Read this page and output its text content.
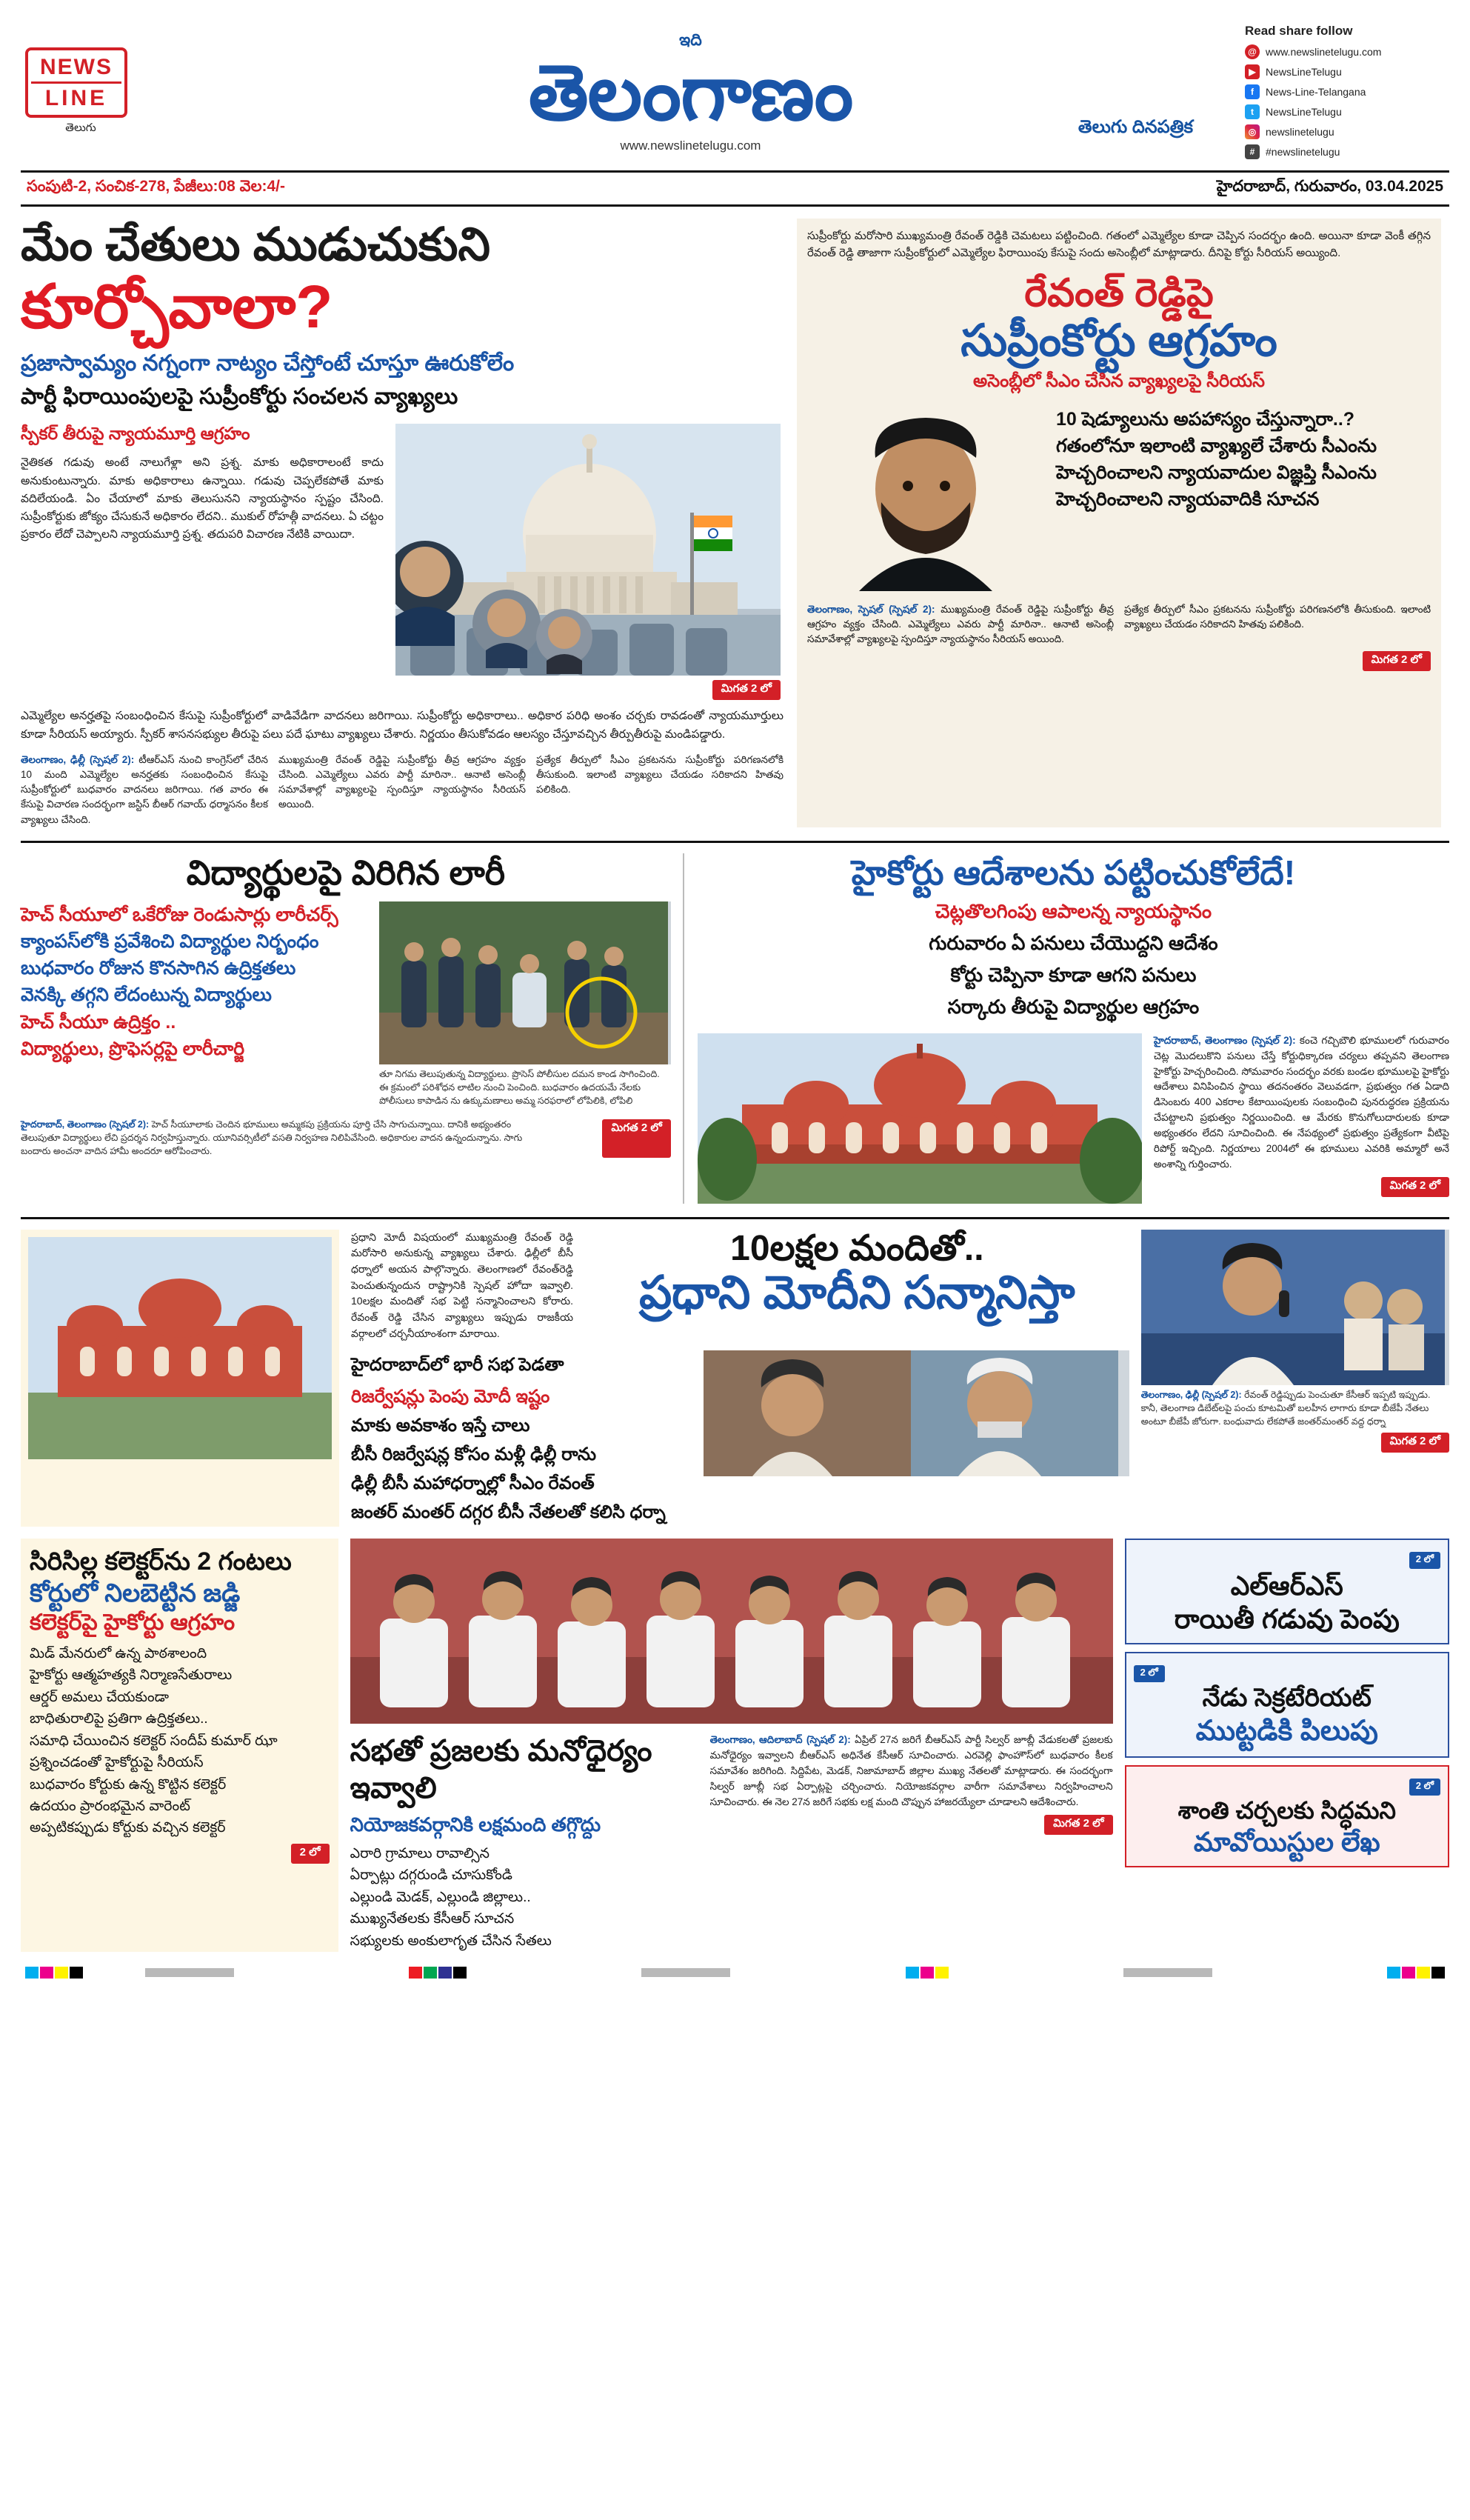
NEWS
LINE
తెలుగు
ఇది
తెలంగాణం
www.newslinetelugu.com
తెలుగు దినపత్రిక
Read share follow
@ www.newslinetelugu.com
▶ NewsLineTelugu
f	News-Line-Telangana
t	NewsLineTelugu
◎ newslinetelugu
#	#newslinetelugu
సంపుటి-2, సంచిక-278, పేజీలు:08 వెల:4/-	హైదరాబాద్, గురువారం, 03.04.2025
మేం చేతులు ముడుచుకుని
కూర్చోవాలా?
ప్రజాస్వామ్యం నగ్నంగా నాట్యం చేస్తోంటే చూస్తూ ఊరుకోలేం
పార్టీ ఫిరాయింపులపై సుప్రీంకోర్టు సంచలన వ్యాఖ్యలు
స్పీకర్ తీరుపై న్యాయమూర్తి ఆగ్రహం
నైతికత గడువు అంటే నాలుగేళ్లా అని ప్రశ్న. మాకు అధికారాలంటే కాదు అనుకుంటున్నారు. మాకు అధికారాలు ఉన్నాయి. గడువు చెప్పలేకపోతే మాకు వదిలేయండి. ఏం చేయాలో మాకు తెలుసునని న్యాయస్థానం స్పష్టం చేసింది. సుప్రీంకోర్టుకు జోక్యం చేసుకునే అధికారం లేదని.. ముకుల్ రోహత్గీ వాదనలు. ఏ చట్టం ప్రకారం లేదో చెప్పాలని న్యాయమూర్తి ప్రశ్న. తదుపరి విచారణ నేటికి వాయిదా.
మిగత 2 లో
ఎమ్మెల్యేల అనర్హతపై సంబంధించిన కేసుపై సుప్రీంకోర్టులో వాడివేడిగా వాదనలు జరిగాయి. సుప్రీంకోర్టు అధికారాలు.. అధికార పరిధి అంశం చర్చకు రావడంతో న్యాయమూర్తులు కూడా సీరియస్ అయ్యారు. స్పీకర్ శాసనసభ్యుల తీరుపై పలు పదే ఘాటు వ్యాఖ్యలు చేశారు. నిర్ణయం తీసుకోవడం ఆలస్యం చేస్తూవచ్చిన తీర్పుతీరుపై మండిపడ్డారు.
తెలంగాణం, ఢిల్లీ (స్పెషల్ 2): టీఆర్ఎస్ నుంచి కాంగ్రెస్‌లో చేరిన 10 మంది ఎమ్మెల్యేల అనర్హతకు సంబంధించిన కేసుపై సుప్రీంకోర్టులో బుధవారం వాదనలు జరిగాయి. గత వారం ఈ కేసుపై విచారణ సందర్భంగా జస్టిస్ బీఆర్ గవాయ్ ధర్మాసనం కీలక వ్యాఖ్యలు చేసింది.
ముఖ్యమంత్రి రేవంత్ రెడ్డిపై సుప్రీంకోర్టు తీవ్ర ఆగ్రహం వ్యక్తం చేసింది. ఎమ్మెల్యేలు ఎవరు పార్టీ మారినా.. ఆనాటి అసెంబ్లీ సమావేశాల్లో వ్యాఖ్యలపై స్పందిస్తూ న్యాయస్థానం సీరియస్ అయింది.
ప్రత్యేక తీర్పులో సీఎం ప్రకటనను సుప్రీంకోర్టు పరిగణనలోకి తీసుకుంది. ఇలాంటి వ్యాఖ్యలు చేయడం సరికాదని హితవు పలికింది.
సుప్రీంకోర్టు మరోసారి ముఖ్యమంత్రి రేవంత్ రెడ్డికి చెమటలు పట్టించింది. గతంలో ఎమ్మెల్యేల కూడా చెప్పిన సందర్భం ఉంది. అయినా కూడా వెంకీ తగ్గిన రేవంత్ రెడ్డి తాజాగా సుప్రీంకోర్టులో ఎమ్మెల్యేల ఫిరాయింపు కేసుపై సందు అసెంబ్లీలో మాట్లాడారు. దీనిపై కోర్టు సీరియస్ అయ్యింది.
రేవంత్ రెడ్డిపై
సుప్రీంకోర్టు ఆగ్రహం
అసెంబ్లీలో సీఎం చేసిన వ్యాఖ్యలపై సీరియస్
10 షెడ్యూలును అపహాస్యం చేస్తున్నారా..? గతంలోనూ ఇలాంటి వ్యాఖ్యలే చేశారు సీఎంను హెచ్చరించాలని న్యాయవాదుల విజ్ఞప్తి సీఎంను హెచ్చరించాలని న్యాయవాదికి సూచన
తెలంగాణం, స్పెషల్ (స్పెషల్ 2): ముఖ్యమంత్రి రేవంత్ రెడ్డిపై సుప్రీంకోర్టు తీవ్ర ఆగ్రహం వ్యక్తం చేసింది. ఎమ్మెల్యేలు ఎవరు పార్టీ మారినా.. ఆనాటి అసెంబ్లీ సమావేశాల్లో వ్యాఖ్యలపై స్పందిస్తూ న్యాయస్థానం సీరియస్ అయింది.
ప్రత్యేక తీర్పులో సీఎం ప్రకటనను సుప్రీంకోర్టు పరిగణనలోకి తీసుకుంది. ఇలాంటి వ్యాఖ్యలు చేయడం సరికాదని హితవు పలికింది.
మిగత 2 లో
విద్యార్థులపై విరిగిన లారీ
హెచ్ సీయూలో ఒకేరోజు రెండుసార్లు లారీచర్స్
క్యాంపస్‌లోకి ప్రవేశించి విద్యార్థుల నిర్బంధం
బుధవారం రోజున కొనసాగిన ఉద్రిక్తతలు
వెనక్కి తగ్గని లేదంటున్న విద్యార్థులు
హెచ్ సీయూ ఉద్రిక్తం ..
విద్యార్థులు, ప్రొఫెసర్లపై లారీచార్జి
తూ నిగమ తెలుపుతున్న విద్యార్థులు. ప్రొసెస్ పోలీసుల దమన కాండ సాగించింది. ఈ క్రమంలో పరిశోధన లాటిల నుంచి పెంచింది. బుధవారం ఉదయమే నేలకు పోలీసులు కాపాడిన ను ఉక్కుమణాలు అమ్మ సరఫరాలో లోపిలికి, లోపిలి
హైదరాబాద్, తెలంగాణం (స్పెషల్ 2): హెచ్ సీయూలాకు చెందిన భూములు అమ్మకపు ప్రక్రియను పూర్తి చేసి సాగుచున్నాయి. దానికి అభ్యంతరం తెలుపుతూ విద్యార్థులు లేచి ప్రదర్శన నిర్వహిస్తున్నారు. యూనివర్సిటీలో వసతి నిర్వహణ నిలిపివేసింది. అధికారుల వాదన ఉన్నందున్నాను. సాగు బందారు అంచనా వాదిన హామీ అందరూ ఆరోపించారు.
మిగత 2 లో
హైకోర్టు ఆదేశాలను పట్టించుకోలేదే!
చెట్లతొలగింపు ఆపాలన్న న్యాయస్థానం
గురువారం ఏ పనులు చేయొద్దని ఆదేశం
కోర్టు చెప్పినా కూడా ఆగని పనులు
సర్కారు తీరుపై విద్యార్థుల ఆగ్రహం
హైదరాబాద్, తెలంగాణం (స్పెషల్ 2): కంచె గచ్చిబౌలి భూములలో గురువారం చెట్ల మొదలుకొని పనులు చేస్తే కోర్టుధిక్కారణ చర్యలు తప్పవని తెలంగాణ హైకోర్టు హెచ్చరించింది. సోమవారం సందర్భం వరకు బండల భూములపై హైకోర్టు ఆదేశాలు వినిపించిన స్థాయి తదనంతరం వెలువడగా, ప్రభుత్వం గత ఏడాది డిసెంబరు 400 ఎకరాల కేటాయింపులకు సంబంధించి పునరుద్ధరణ ప్రక్రియను చేపట్టాలని ప్రభుత్వం నిర్ణయించింది. ఆ మేరకు కొనుగోలుదారులకు కూడా అభ్యంతరం లేదని సూచించింది. ఈ నేపథ్యంలో ప్రభుత్వం ప్రత్యేకంగా వీటిపై రిపోర్ట్ ఇచ్చింది. నిర్ణయాలు 2004లో ఈ భూములు ఎవరికి అమ్మారో అనే అంశాన్ని గుర్తించారు.
మిగత 2 లో
ప్రధాని మోదీ విషయంలో ముఖ్యమంత్రి రేవంత్ రెడ్డి మరోసారి అనుకున్న వ్యాఖ్యలు చేశారు. ఢిల్లీలో బీసీ ధర్నాలో అయన పాల్గొన్నారు. తెలంగాణలో రేవంత్‌రెడ్డి పెంచుతున్నందున రాష్ట్రానికి స్పెషల్ హోదా ఇవ్వాలి. 10లక్షల మందితో సభ పెట్టి సన్మానించాలని కోరారు. రేవంత్ రెడ్డి చేసిన వ్యాఖ్యలు ఇప్పుడు రాజకీయ వర్గాలలో చర్చనీయాంశంగా మారాయి.
10లక్షల మందితో..
ప్రధాని మోదీని సన్మానిస్తా
హైదరాబాద్‌లో భారీ సభ పెడతా
రిజర్వేషన్లు పెంపు మోదీ ఇష్టం
మాకు అవకాశం ఇస్తే చాలు
బీసీ రిజర్వేషన్ల కోసం మళ్లీ ఢిల్లీ రాను
ఢిల్లీ బీసీ మహాధర్నాల్లో సీఎం రేవంత్
జంతర్ మంతర్ దగ్గర బీసీ నేతలతో కలిసి ధర్నా
తెలంగాణం, ఢిల్లీ (స్పెషల్ 2): రేవంత్ రెడ్డిప్పుడు పెంచుతూ కేసీఆర్ ఇప్పటి ఇప్పుడు. కానీ, తెలంగాణ డిబేట్‌లపై పంచు కూటమితో బలహీన లాగారు కూడా బీజేపీ నేతలు అంటూ బీజేపీ జోరుగా. బంధువాదు లేకపోతే జంతర్‌మంతర్ వద్ద ధర్నా
మిగత 2 లో
సిరిసిల్ల కలెక్టర్‌ను 2 గంటలు
కోర్టులో నిలబెట్టిన జడ్జి
కలెక్టర్‌పై హైకోర్టు ఆగ్రహం
మిడ్ మేనరులో ఉన్న పాఠశాలంది
హైకోర్టు ఆత్మహత్యకి నిర్మాణసేతురాలు
ఆర్డర్ అమలు చేయకుండా
బాధితురాలిపై ప్రతిగా ఉద్రిక్తతలు..
సమాధి చేయించిన కలెక్టర్ సందీప్ కుమార్ ఝా
ప్రశ్నించడంతో హైకోర్టుపై సీరియస్
బుధవారం కోర్టుకు ఉన్న కొట్టిన కలెక్టర్
ఉదయం ప్రారంభమైన వారెంట్
అప్పటికప్పుడు కోర్టుకు వచ్చిన కలెక్టర్
2 లో
సభతో ప్రజలకు మనోధైర్యం ఇవ్వాలి
నియోజకవర్గానికి లక్షమంది తగ్గొద్దు
ఎరారి గ్రామాలు రావాల్సిన
ఏర్పాట్లు దగ్గరుండి చూసుకోండి
ఎల్లుండి మెడక్, ఎల్లుండి జిల్లాలు..
ముఖ్యనేతలకు కేసీఆర్ సూచన
సభ్యులకు అంకులాగృత చేసిన సేతలు
తెలంగాణం, ఆదిలాబాద్ (స్పెషల్ 2): ఏప్రిల్ 27న జరిగే బీఆర్ఎస్ పార్టీ సిల్వర్ జూబ్లీ వేడుకలతో ప్రజలకు మనోధైర్యం ఇవ్వాలని బీఆర్ఎస్ అధినేత కేసీఆర్ సూచించారు. ఎరవెల్లి ఫాంహౌస్‌లో బుధవారం కీలక సమావేశం జరిగింది. సిద్దిపేట, మెడక్, నిజామాబాద్ జిల్లాల ముఖ్య నేతలతో మాట్లాడారు. ఈ సందర్భంగా సిల్వర్ జూబ్లీ సభ ఏర్పాట్లపై చర్చించారు. నియోజకవర్గాల వారీగా సమావేశాలు నిర్వహించాలని సూచించారు. ఈ నెల 27న జరిగే సభకు లక్ష మంది చొప్పున హాజరయ్యేలా చూడాలని ఆదేశించారు.
మిగత 2 లో
2 లో
ఎల్ఆర్ఎస్
రాయితీ గడువు పెంపు
2 లో
నేడు సెక్రటేరియట్
ముట్టడికి పిలుపు
2 లో
శాంతి చర్చలకు సిద్ధమని
మావోయిస్టుల లేఖ
